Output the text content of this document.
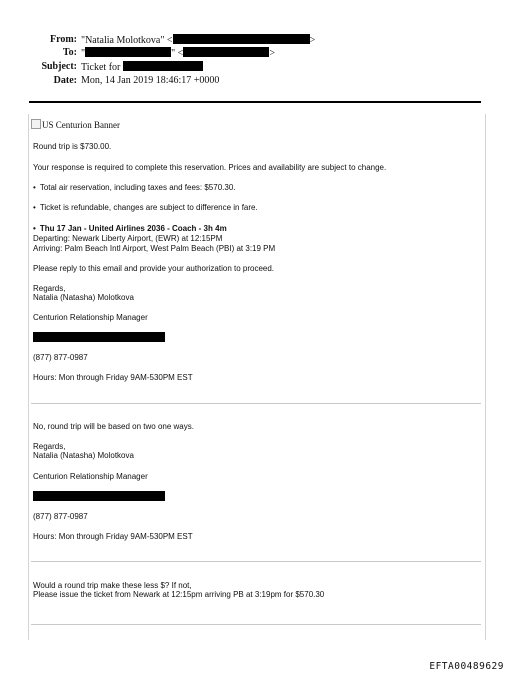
From: "Natalia Molotkova" <	>
To: "	" <	>
Subject: Ticket for
Date: Mon, 14 Jan 2019 18:46:17 +0000
US Centurion Banner
Round trip is $730.00.
Your response is required to complete this reservation. Prices and availability are subject to change.
• Total air reservation, including taxes and fees: $570.30.
• Ticket is refundable, changes are subject to difference in fare.
• Thu 17 Jan - United Airlines 2036 - Coach - 3h 4m
Departing: Newark Liberty Airport, (EWR) at 12:15PM
Arriving: Palm Beach Intl Airport, West Palm Beach (PBI) at 3:19 PM
Please reply to this email and provide your authorization to proceed.
Regards,
Natalia (Natasha) Molotkova
Centurion Relationship Manager
(877) 877-0987
Hours: Mon through Friday 9AM-530PM EST
No, round trip will be based on two one ways.
Regards,
Natalia (Natasha) Molotkova
Centurion Relationship Manager
(877) 877-0987
Hours: Mon through Friday 9AM-530PM EST
Would a round trip make these less $? If not,
Please issue the ticket from Newark at 12:15pm arriving PB at 3:19pm for $570.30
EFTA00489629
